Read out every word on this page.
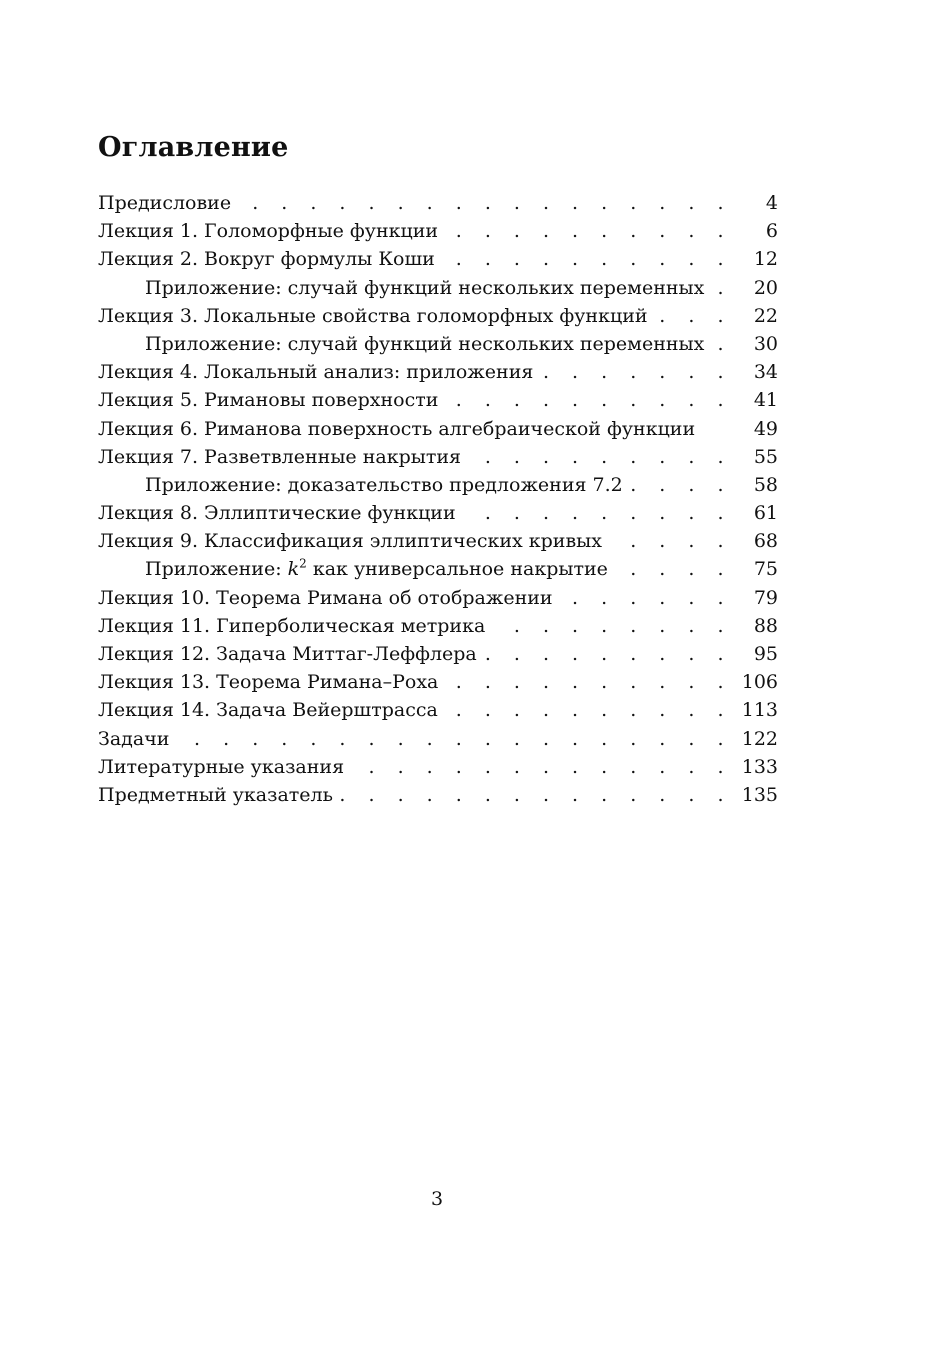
Оглавление
Предисловие . . .	4
Лекция 1. Голоморфные функции . . .	6
Лекция 2. Вокруг формулы Коши . . .	12
Приложение: случай функций нескольких переменных . . .	20
Лекция 3. Локальные свойства голоморфных функций . . .	22
Приложение: случай функций нескольких переменных . . .	30
Лекция 4. Локальный анализ: приложения . . .	34
Лекция 5. Римановы поверхности . . .	41
Лекция 6. Риманова поверхность алгебраической функции	49
Лекция 7. Разветвленные накрытия . . .	55
Приложение: доказательство предложения 7.2 . . .	58
Лекция 8. Эллиптические функции . . .	61
Лекция 9. Классификация эллиптических кривых . . .	68
Приложение: $k^2$ как универсальное накрытие . . .	75
Лекция 10. Теорема Римана об отображении . . .	79
Лекция 11. Гиперболическая метрика . . .	88
Лекция 12. Задача Миттаг-Леффлера . . .	95
Лекция 13. Теорема Римана–Роха . . .	106
Лекция 14. Задача Вейерштрасса . . .	113
Задачи . . .	122
Литературные указания . . .	133
Предметный указатель . . .	135
3
